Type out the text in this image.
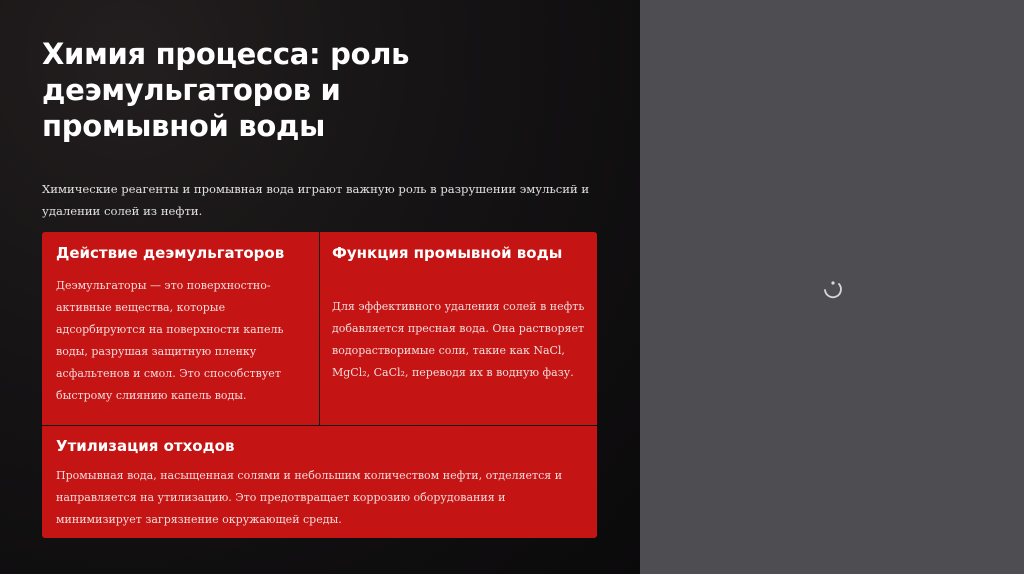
Химия процесса: роль
деэмульгаторов и
промывной воды

Химические реагенты и промывная вода играют важную роль в разрушении эмульсий и удалении солей из нефти.

Действие деэмульгаторов

Деэмульгаторы — это поверхностно-активные вещества, которые адсорбируются на поверхности капель воды, разрушая защитную пленку асфальтенов и смол. Это способствует быстрому слиянию капель воды.

Функция промывной воды

Для эффективного удаления солей в нефть добавляется пресная вода. Она растворяет водорастворимые соли, такие как NaCl, MgCl₂, CaCl₂, переводя их в водную фазу.

Утилизация отходов

Промывная вода, насыщенная солями и небольшим количеством нефти, отделяется и направляется на утилизацию. Это предотвращает коррозию оборудования и минимизирует загрязнение окружающей среды.
